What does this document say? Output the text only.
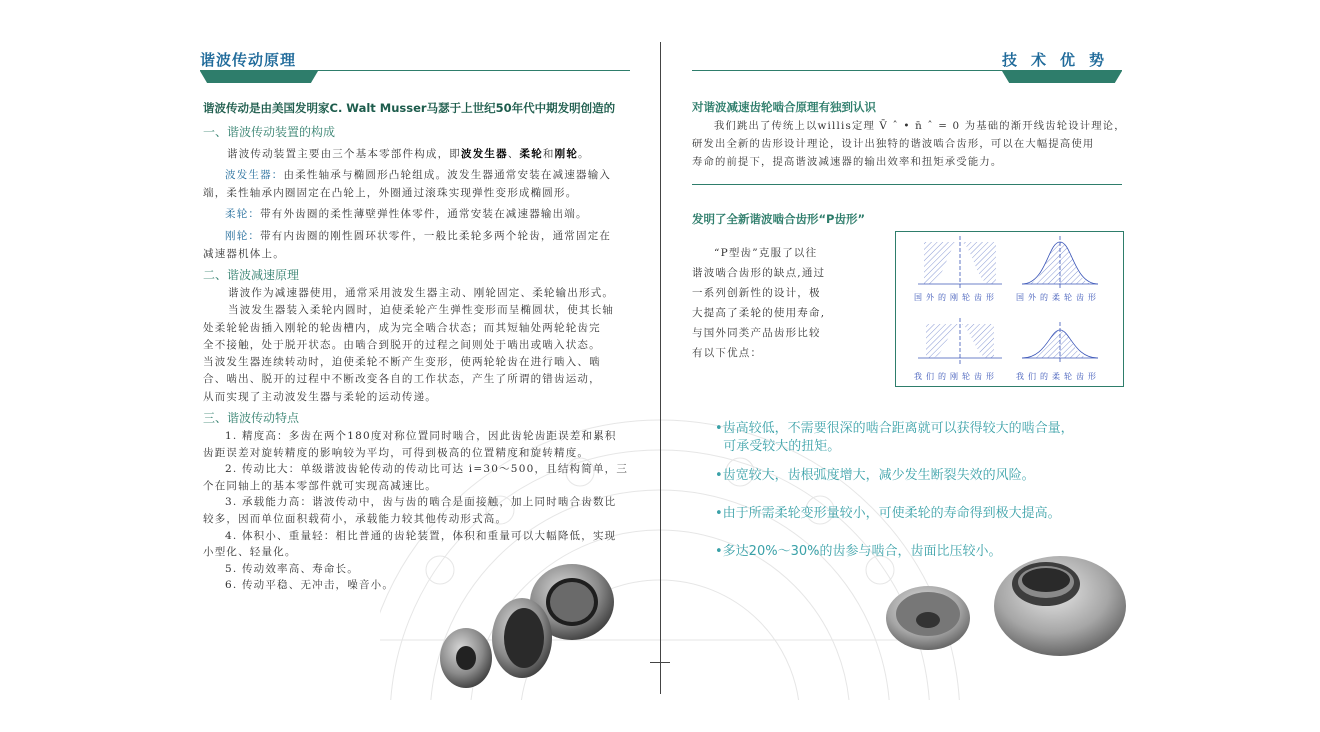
谐波传动原理
谐波传动是由美国发明家C. Walt Musser马瑟于上世纪50年代中期发明创造的
一、谐波传动装置的构成
谐波传动装置主要由三个基本零部件构成，即波发生器、柔轮和刚轮。
波发生器：由柔性轴承与椭圆形凸轮组成。波发生器通常安装在减速器输入
端，柔性轴承内圈固定在凸轮上，外圈通过滚珠实现弹性变形成椭圆形。
柔轮：带有外齿圈的柔性薄壁弹性体零件，通常安装在减速器输出端。
刚轮：带有内齿圈的刚性圆环状零件，一般比柔轮多两个轮齿，通常固定在
减速器机体上。
二、谐波减速原理
谐波作为减速器使用，通常采用波发生器主动、刚轮固定、柔轮输出形式。
当波发生器装入柔轮内圆时，迫使柔轮产生弹性变形而呈椭圆状，使其长轴
处柔轮轮齿插入刚轮的轮齿槽内，成为完全啮合状态；而其短轴处两轮轮齿完
全不接触，处于脱开状态。由啮合到脱开的过程之间则处于啮出或啮入状态。
当波发生器连续转动时，迫使柔轮不断产生变形，使两轮轮齿在进行啮入、啮
合、啮出、脱开的过程中不断改变各自的工作状态，产生了所谓的错齿运动，
从而实现了主动波发生器与柔轮的运动传递。
三、谐波传动特点
1. 精度高：多齿在两个180度对称位置同时啮合，因此齿轮齿距误差和累积
齿距误差对旋转精度的影响较为平均，可得到极高的位置精度和旋转精度。
2. 传动比大：单级谐波齿轮传动的传动比可达 i=30～500，且结构简单，三
个在同轴上的基本零部件就可实现高减速比。
3. 承载能力高：谐波传动中，齿与齿的啮合是面接触，加上同时啮合齿数比
较多，因而单位面积载荷小，承载能力较其他传动形式高。
4. 体积小、重量轻：相比普通的齿轮装置，体积和重量可以大幅降低，实现
小型化、轻量化。
5. 传动效率高、寿命长。
6. 传动平稳、无冲击，噪音小。
技术优势
对谐波减速齿轮啮合原理有独到认识
我们跳出了传统上以willis定理 V̄ ˆ • n̄ ˆ = 0 为基础的渐开线齿轮设计理论，
研发出全新的齿形设计理论，设计出独特的谐波啮合齿形，可以在大幅提高使用
寿命的前提下，提高谐波减速器的输出效率和扭矩承受能力。
发明了全新谐波啮合齿形“P齿形”
“P型齿”克服了以往
谐波啮合齿形的缺点,通过
一系列创新性的设计，极
大提高了柔轮的使用寿命,
与国外同类产品齿形比较
有以下优点：
国外的刚轮齿形 国外的柔轮齿形
我们的刚轮齿形 我们的柔轮齿形
•齿高较低，不需要很深的啮合距离就可以获得较大的啮合量，
可承受较大的扭矩。
•齿宽较大，齿根弧度增大，减少发生断裂失效的风险。
•由于所需柔轮变形量较小，可使柔轮的寿命得到极大提高。
•多达20%～30%的齿参与啮合，齿面比压较小。
